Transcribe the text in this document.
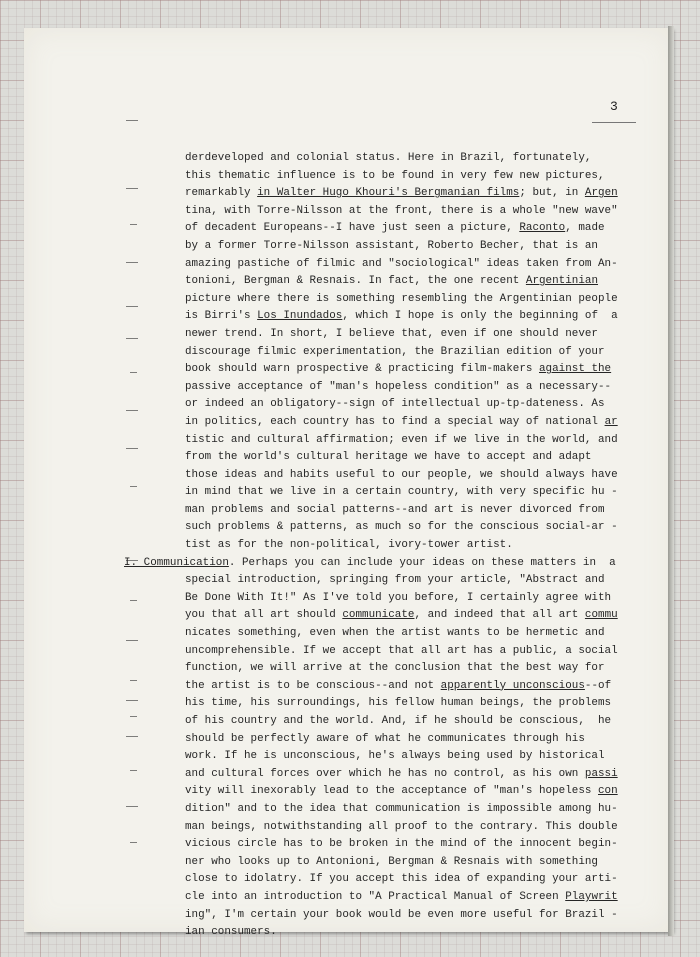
3
derdeveloped and colonial status. Here in Brazil, fortunately,
this thematic influence is to be found in very few new pictures,
remarkably in Walter Hugo Khouri's Bergmanian films; but, in Argen
tina, with Torre-Nilsson at the front, there is a whole "new wave"
of decadent Europeans--I have just seen a picture, Raconto, made
by a former Torre-Nilsson assistant, Roberto Becher, that is an
amazing pastiche of filmic and "sociological" ideas taken from An-
tonioni, Bergman & Resnais. In fact, the one recent Argentinian
picture where there is something resembling the Argentinian people
is Birri's Los Inundados, which I hope is only the beginning of  a
newer trend. In short, I believe that, even if one should never
discourage filmic experimentation, the Brazilian edition of your
book should warn prospective & practicing film-makers against the
passive acceptance of "man's hopeless condition" as a necessary--
or indeed an obligatory--sign of intellectual up-tp-dateness. As
in politics, each country has to find a special way of national ar
tistic and cultural affirmation; even if we live in the world, and
from the world's cultural heritage we have to accept and adapt
those ideas and habits useful to our people, we should always have
in mind that we live in a certain country, with very specific hu -
man problems and social patterns--and art is never divorced from
such problems & patterns, as much so for the conscious social-ar -
tist as for the non-political, ivory-tower artist.
I. Communication. Perhaps you can include your ideas on these matters in  a
special introduction, springing from your article, "Abstract and
Be Done With It!" As I've told you before, I certainly agree with
you that all art should communicate, and indeed that all art commu
nicates something, even when the artist wants to be hermetic and
uncomprehensible. If we accept that all art has a public, a social
function, we will arrive at the conclusion that the best way for
the artist is to be conscious--and not apparently unconscious--of
his time, his surroundings, his fellow human beings, the problems
of his country and the world. And, if he should be conscious,  he
should be perfectly aware of what he communicates through his
work. If he is unconscious, he's always being used by historical
and cultural forces over which he has no control, as his own passi
vity will inexorably lead to the acceptance of "man's hopeless con
dition" and to the idea that communication is impossible among hu-
man beings, notwithstanding all proof to the contrary. This double
vicious circle has to be broken in the mind of the innocent begin-
ner who looks up to Antonioni, Bergman & Resnais with something
close to idolatry. If you accept this idea of expanding your arti-
cle into an introduction to "A Practical Manual of Screen Playwrit
ing", I'm certain your book would be even more useful for Brazil -
ian consumers.
